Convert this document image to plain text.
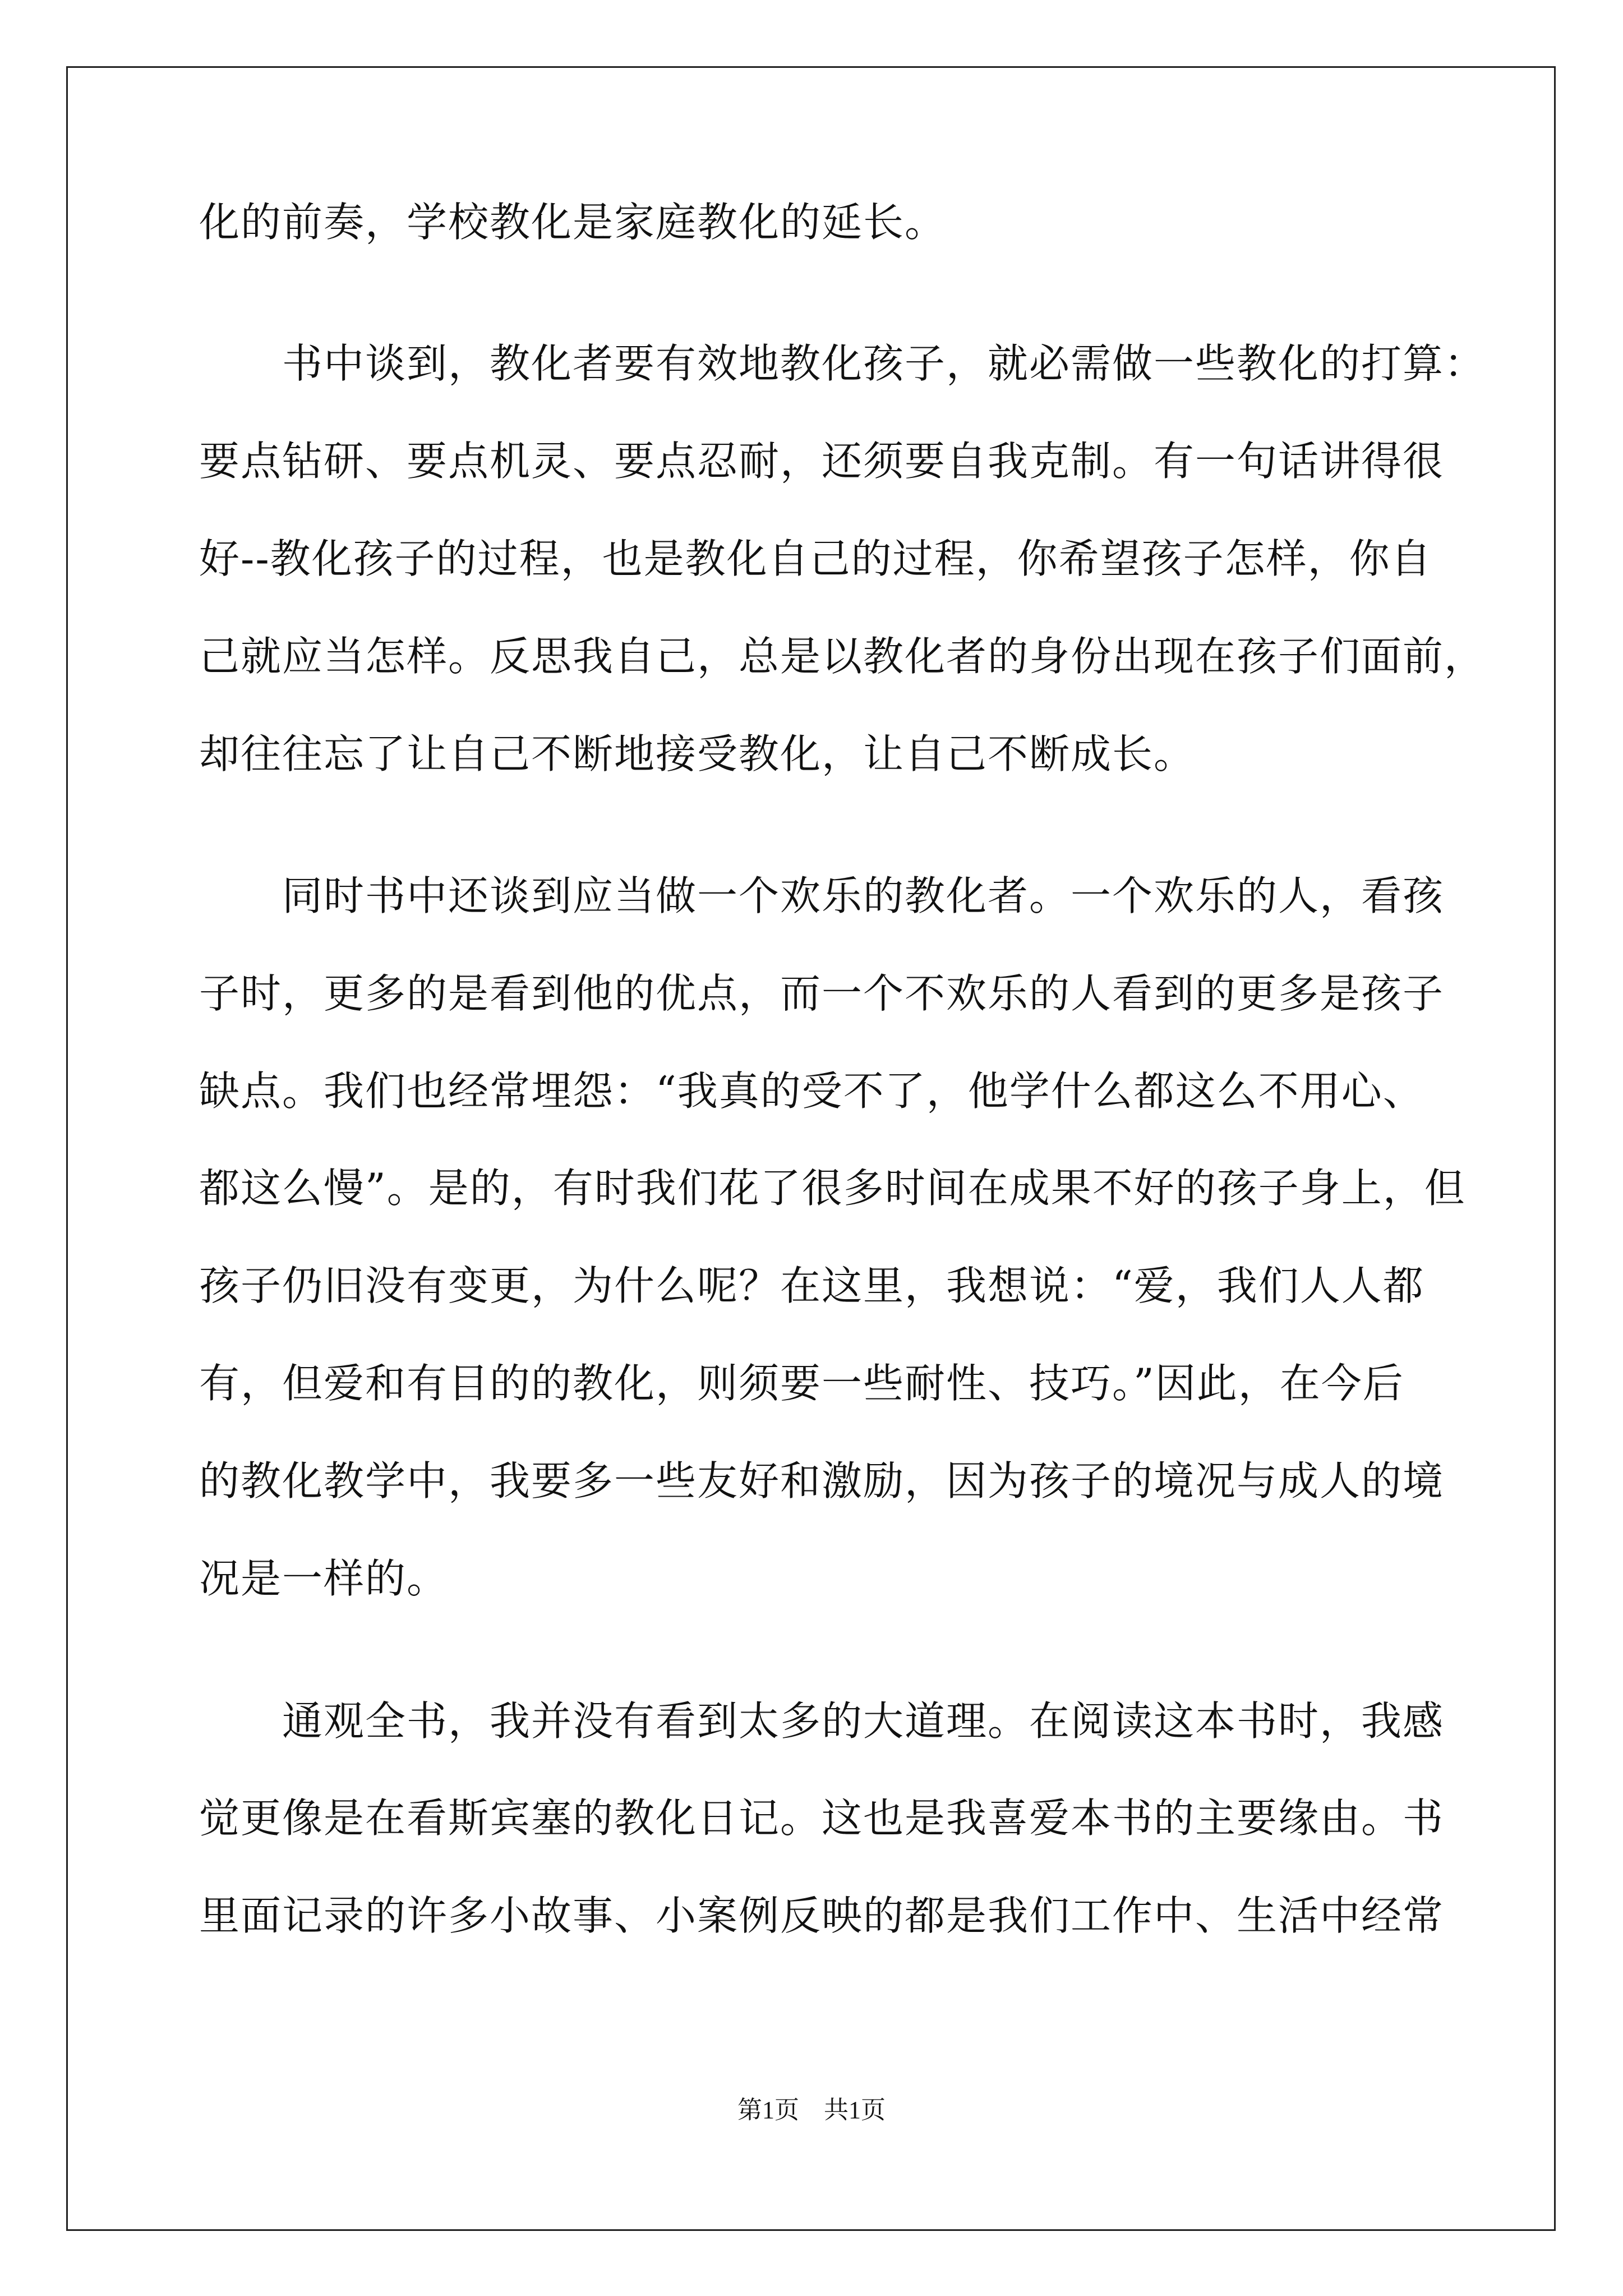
化的前奏，学校教化是家庭教化的延长。
书中谈到，教化者要有效地教化孩子，就必需做一些教化的打算：
要点钻研、要点机灵、要点忍耐，还须要自我克制。有一句话讲得很
好--教化孩子的过程，也是教化自己的过程，你希望孩子怎样，你自
己就应当怎样。反思我自己，总是以教化者的身份出现在孩子们面前，
却往往忘了让自己不断地接受教化，让自己不断成长。
同时书中还谈到应当做一个欢乐的教化者。一个欢乐的人，看孩
子时，更多的是看到他的优点，而一个不欢乐的人看到的更多是孩子
缺点。我们也经常埋怨：“我真的受不了，他学什么都这么不用心、
都这么慢”。是的，有时我们花了很多时间在成果不好的孩子身上，但
孩子仍旧没有变更，为什么呢？在这里，我想说：“爱，我们人人都
有，但爱和有目的的教化，则须要一些耐性、技巧。”因此，在今后
的教化教学中，我要多一些友好和激励，因为孩子的境况与成人的境
况是一样的。
通观全书，我并没有看到太多的大道理。在阅读这本书时，我感
觉更像是在看斯宾塞的教化日记。这也是我喜爱本书的主要缘由。书
里面记录的许多小故事、小案例反映的都是我们工作中、生活中经常
第1页    共1页
